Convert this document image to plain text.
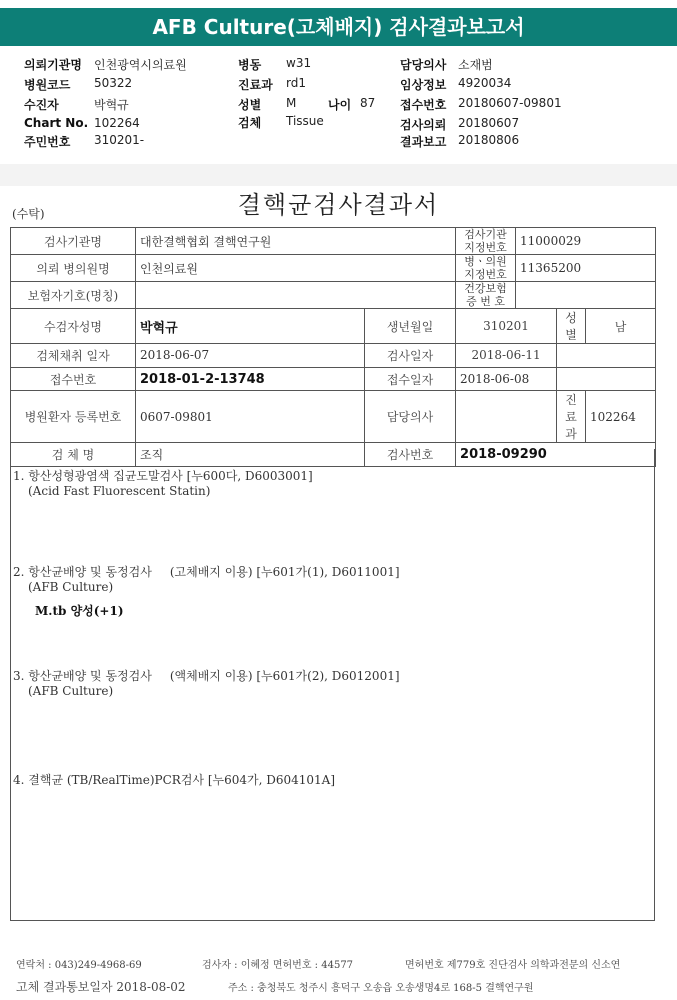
AFB Culture(고체배지) 검사결과보고서
의뢰기관명 인천광역시의료원
병원코드 50322
수진자	박혁규
Chart No. 102264
주민번호 310201-
병동 w31
진료과 rd1
성별 M	나이 87
검체 Tissue
담당의사 소재범
임상정보 4920034
접수번호 20180607-09801
검사의뢰 20180607
결과보고 20180806
(수탁)	결핵균검사결과서
검사기관명	대한결핵협회 결핵연구원		검사기관 지정번호	11000029		
의뢰 병의원명	인천의료원		병ㆍ의원 지정번호	11365200		
보험자기호(명칭)			건강보험 증 번 호			
수검자성명	박혁규	생년월일	310201		성별	남
검체채취 일자	2018-06-07	검사일자	2018-06-11			
접수번호	2018-01-2-13748	접수일자	2018-06-08			
병원환자 등록번호	0607-09801	담당의사			진료과	102264
검 체 명	조직	검사번호	2018-09290			
1. 항산성형광염색 집균도말검사 [누600다, D6003001]
(Acid Fast Fluorescent Statin)
2. 항산균배양 및 동정검사 (고체배지 이용) [누601가(1), D6011001]
(AFB Culture)
M.tb 양성(+1)
3. 항산균배양 및 동정검사 (액체배지 이용) [누601가(2), D6012001]
(AFB Culture)
4. 결핵균 (TB/RealTime)PCR검사 [누604가, D604101A]
연락처 : 043)249-4968-69	검사자 : 이혜정 면허번호 : 44577	면허번호 제779호 진단검사 의학과전문의 신소연
고체 결과통보일자 2018-08-02	주소 : 충청북도 청주시 흥덕구 오송읍 오송생명4로 168-5 결핵연구원
